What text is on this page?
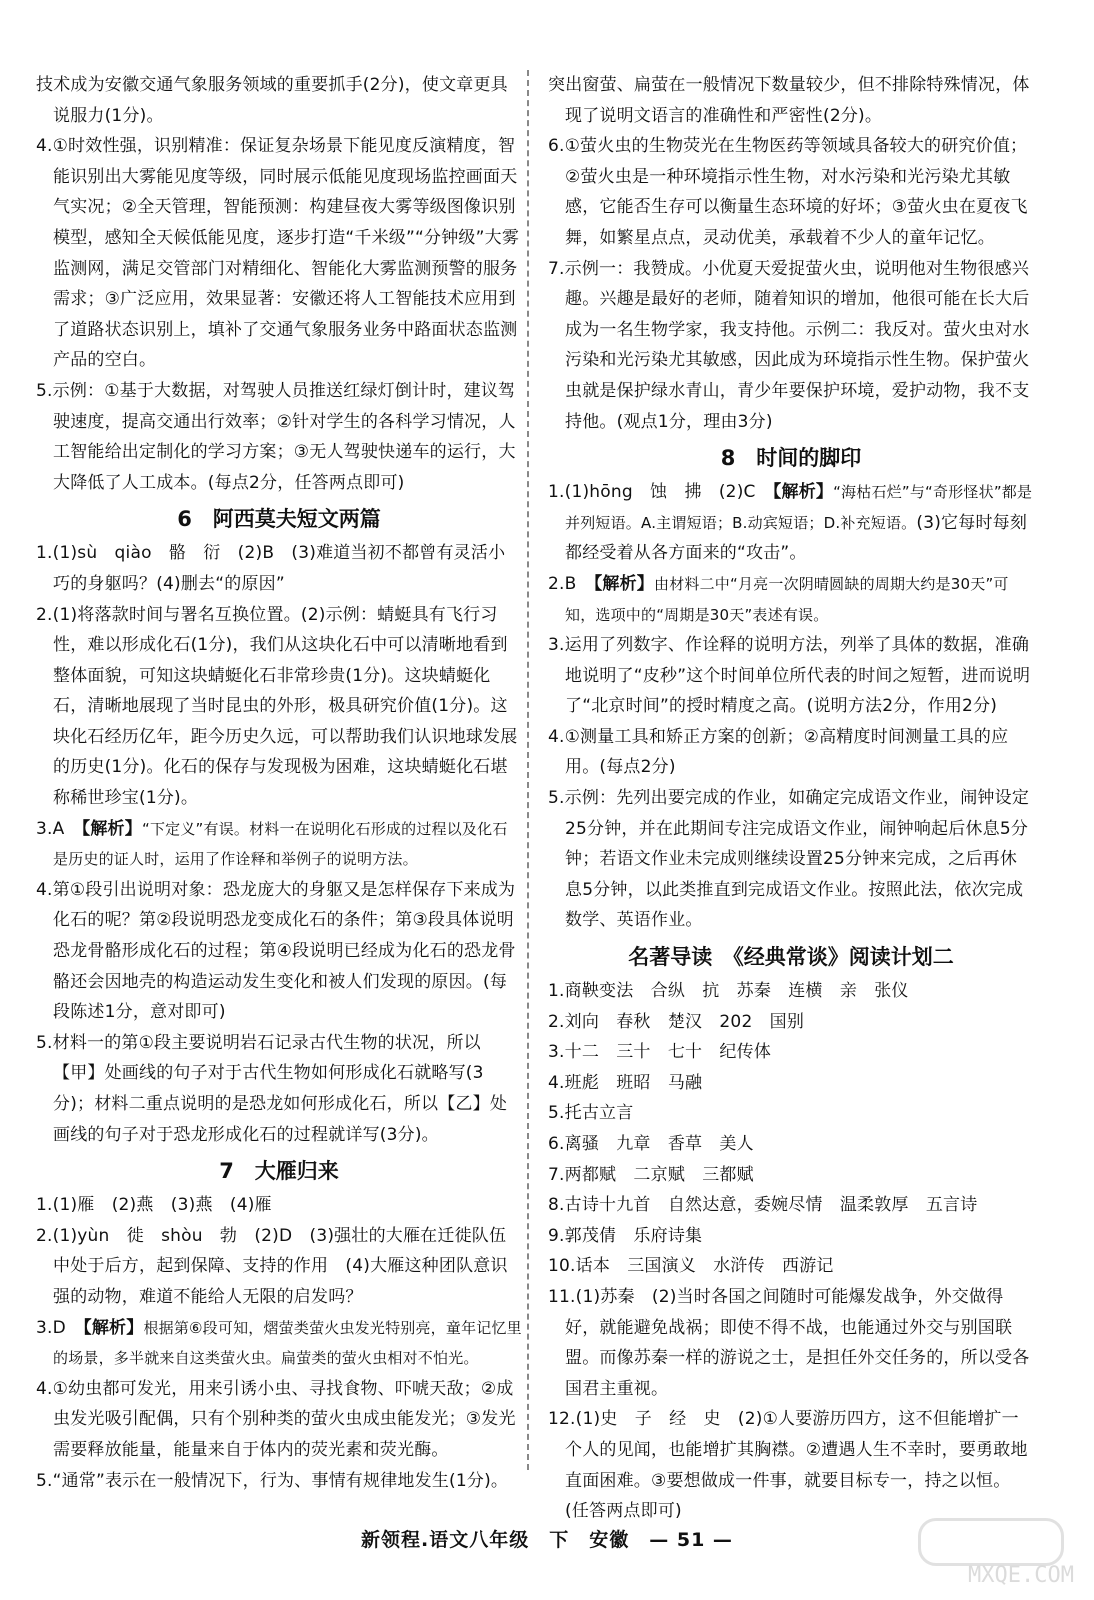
技术成为安徽交通气象服务领域的重要抓手(2分)，使文章更具说服力(1分)。

4.①时效性强，识别精准：保证复杂场景下能见度反演精度，智能识别出大雾能见度等级，同时展示低能见度现场监控画面天气实况；②全天管理，智能预测：构建昼夜大雾等级图像识别模型，感知全天候低能见度，逐步打造“千米级”“分钟级”大雾监测网，满足交管部门对精细化、智能化大雾监测预警的服务需求；③广泛应用，效果显著：安徽还将人工智能技术应用到了道路状态识别上，填补了交通气象服务业务中路面状态监测产品的空白。

5.示例：①基于大数据，对驾驶人员推送红绿灯倒计时，建议驾驶速度，提高交通出行效率；②针对学生的各科学习情况，人工智能给出定制化的学习方案；③无人驾驶快递车的运行，大大降低了人工成本。(每点2分，任答两点即可)

6　阿西莫夫短文两篇

1.(1)sù　qiào　骼　衍　(2)B　(3)难道当初不都曾有灵活小巧的身躯吗？(4)删去“的原因”

2.(1)将落款时间与署名互换位置。(2)示例：蜻蜓具有飞行习性，难以形成化石(1分)，我们从这块化石中可以清晰地看到整体面貌，可知这块蜻蜓化石非常珍贵(1分)。这块蜻蜓化石，清晰地展现了当时昆虫的外形，极具研究价值(1分)。这块化石经历亿年，距今历史久远，可以帮助我们认识地球发展的历史(1分)。化石的保存与发现极为困难，这块蜻蜓化石堪称稀世珍宝(1分)。

3.A　【解析】“下定义”有误。材料一在说明化石形成的过程以及化石是历史的证人时，运用了作诠释和举例子的说明方法。

4.第①段引出说明对象：恐龙庞大的身躯又是怎样保存下来成为化石的呢？第②段说明恐龙变成化石的条件；第③段具体说明恐龙骨骼形成化石的过程；第④段说明已经成为化石的恐龙骨骼还会因地壳的构造运动发生变化和被人们发现的原因。(每段陈述1分，意对即可)

5.材料一的第①段主要说明岩石记录古代生物的状况，所以【甲】处画线的句子对于古代生物如何形成化石就略写(3分)；材料二重点说明的是恐龙如何形成化石，所以【乙】处画线的句子对于恐龙形成化石的过程就详写(3分)。

7　大雁归来

1.(1)雁　(2)燕　(3)燕　(4)雁

2.(1)yùn　徙　shòu　勃　(2)D　(3)强壮的大雁在迁徙队伍中处于后方，起到保障、支持的作用　(4)大雁这种团队意识强的动物，难道不能给人无限的启发吗？

3.D　【解析】根据第⑥段可知，熠萤类萤火虫发光特别亮，童年记忆里的场景，多半就来自这类萤火虫。扁萤类的萤火虫相对不怕光。

4.①幼虫都可发光，用来引诱小虫、寻找食物、吓唬天敌；②成虫发光吸引配偶，只有个别种类的萤火虫成虫能发光；③发光需要释放能量，能量来自于体内的荧光素和荧光酶。

5.“通常”表示在一般情况下，行为、事情有规律地发生(1分)。

突出窗萤、扁萤在一般情况下数量较少，但不排除特殊情况，体现了说明文语言的准确性和严密性(2分)。

6.①萤火虫的生物荧光在生物医药等领域具备较大的研究价值；②萤火虫是一种环境指示性生物，对水污染和光污染尤其敏感，它能否生存可以衡量生态环境的好坏；③萤火虫在夏夜飞舞，如繁星点点，灵动优美，承载着不少人的童年记忆。

7.示例一：我赞成。小优夏天爱捉萤火虫，说明他对生物很感兴趣。兴趣是最好的老师，随着知识的增加，他很可能在长大后成为一名生物学家，我支持他。示例二：我反对。萤火虫对水污染和光污染尤其敏感，因此成为环境指示性生物。保护萤火虫就是保护绿水青山，青少年要保护环境，爱护动物，我不支持他。(观点1分，理由3分)

8　时间的脚印

1.(1)hōng　蚀　拂　(2)C　【解析】“海枯石烂”与“奇形怪状”都是并列短语。A.主谓短语；B.动宾短语；D.补充短语。(3)它每时每刻都经受着从各方面来的“攻击”。

2.B　【解析】由材料二中“月亮一次阴晴圆缺的周期大约是30天”可知，选项中的“周期是30天”表述有误。

3.运用了列数字、作诠释的说明方法，列举了具体的数据，准确地说明了“皮秒”这个时间单位所代表的时间之短暂，进而说明了“北京时间”的授时精度之高。(说明方法2分，作用2分)

4.①测量工具和矫正方案的创新；②高精度时间测量工具的应用。(每点2分)

5.示例：先列出要完成的作业，如确定完成语文作业，闹钟设定25分钟，并在此期间专注完成语文作业，闹钟响起后休息5分钟；若语文作业未完成则继续设置25分钟来完成，之后再休息5分钟，以此类推直到完成语文作业。按照此法，依次完成数学、英语作业。

名著导读　《经典常谈》阅读计划二

1.商鞅变法　合纵　抗　苏秦　连横　亲　张仪

2.刘向　春秋　楚汉　202　国别

3.十二　三十　七十　纪传体

4.班彪　班昭　马融

5.托古立言

6.离骚　九章　香草　美人

7.两都赋　二京赋　三都赋

8.古诗十九首　自然达意，委婉尽情　温柔敦厚　五言诗

9.郭茂倩　乐府诗集

10.话本　三国演义　水浒传　西游记

11.(1)苏秦　(2)当时各国之间随时可能爆发战争，外交做得好，就能避免战祸；即使不得不战，也能通过外交与别国联盟。而像苏秦一样的游说之士，是担任外交任务的，所以受各国君主重视。

12.(1)史　子　经　史　(2)①人要游历四方，这不但能增扩一个人的见闻，也能增扩其胸襟。②遭遇人生不幸时，要勇敢地直面困难。③要想做成一件事，就要目标专一，持之以恒。(任答两点即可)

新领程.语文八年级　下　安徽　— 51 —
MXQE.COM
